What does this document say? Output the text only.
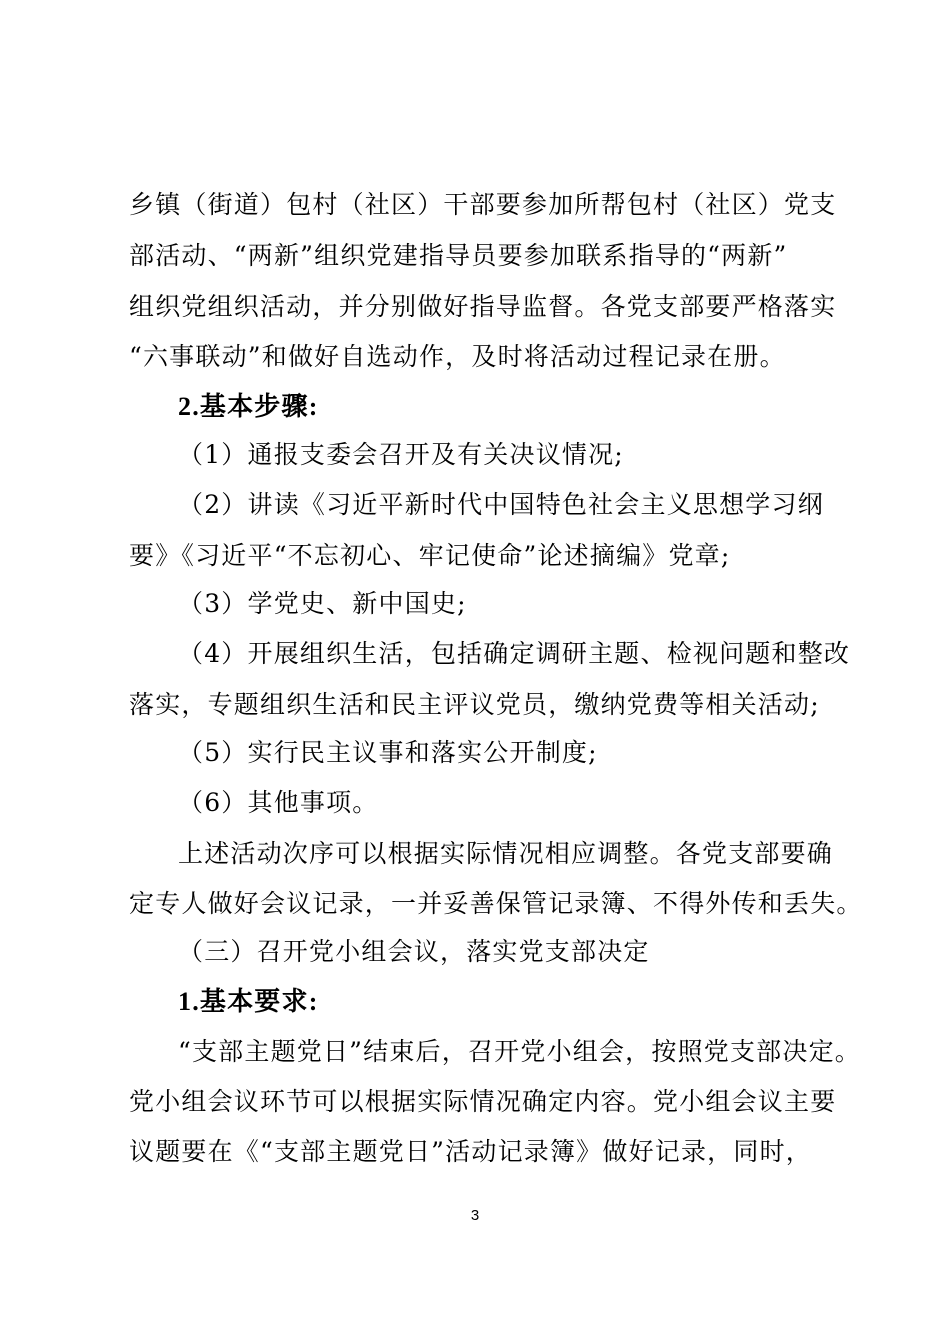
乡镇（街道）包村（社区）干部要参加所帮包村（社区）党支
部活动、“两新”组织党建指导员要参加联系指导的“两新”
组织党组织活动，并分别做好指导监督。各党支部要严格落实
“六事联动”和做好自选动作，及时将活动过程记录在册。
2.基本步骤:
（1）通报支委会召开及有关决议情况;
（2）讲读《习近平新时代中国特色社会主义思想学习纲
要》《习近平“不忘初心、牢记使命”论述摘编》党章;
（3）学党史、新中国史;
（4）开展组织生活，包括确定调研主题、检视问题和整改
落实，专题组织生活和民主评议党员，缴纳党费等相关活动;
（5）实行民主议事和落实公开制度;
（6）其他事项。
上述活动次序可以根据实际情况相应调整。各党支部要确
定专人做好会议记录，一并妥善保管记录簿、不得外传和丢失。
（三）召开党小组会议，落实党支部决定
1.基本要求:
“支部主题党日”结束后，召开党小组会，按照党支部决定。
党小组会议环节可以根据实际情况确定内容。党小组会议主要
议题要在《“支部主题党日”活动记录簿》做好记录，同时，
3
